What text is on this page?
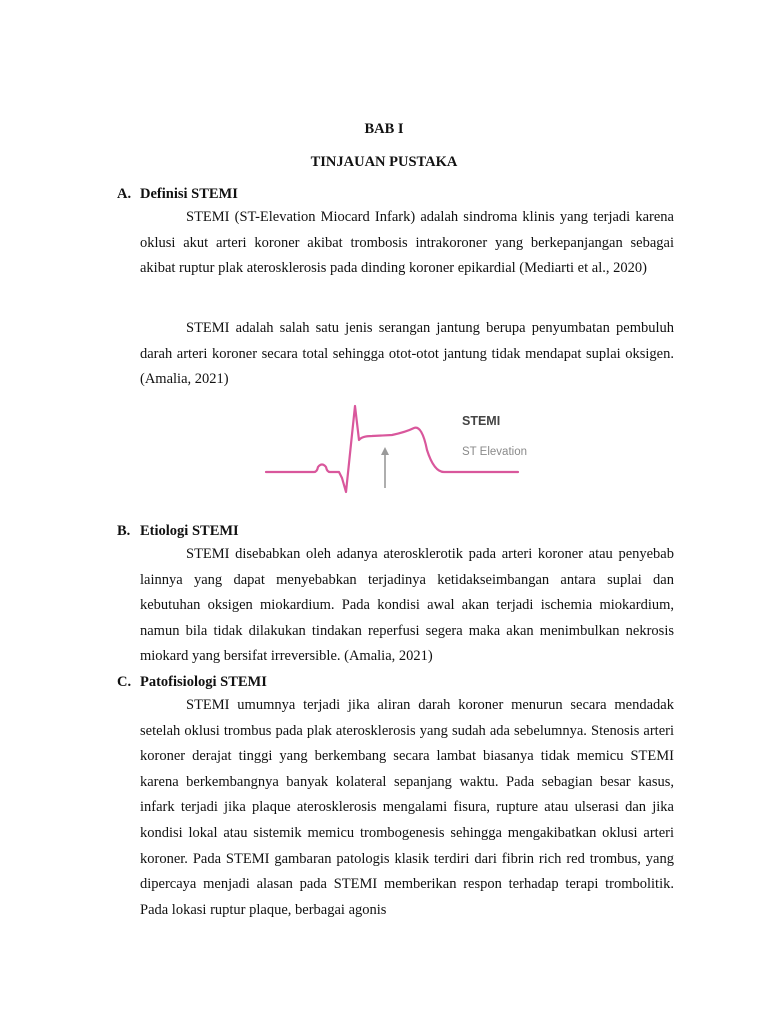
BAB I
TINJAUAN PUSTAKA
A. Definisi STEMI

STEMI (ST-Elevation Miocard Infark) adalah sindroma klinis yang terjadi karena oklusi akut arteri koroner akibat trombosis intrakoroner yang berkepanjangan sebagai akibat ruptur plak aterosklerosis pada dinding koroner epikardial (Mediarti et al., 2020)

STEMI adalah salah satu jenis serangan jantung berupa penyumbatan pembuluh darah arteri koroner secara total sehingga otot-otot jantung tidak mendapat suplai oksigen. (Amalia, 2021)

STEMI
ST Elevation
B. Etiologi STEMI

STEMI disebabkan oleh adanya aterosklerotik pada arteri koroner atau penyebab lainnya yang dapat menyebabkan terjadinya ketidakseimbangan antara suplai dan kebutuhan oksigen miokardium. Pada kondisi awal akan terjadi ischemia miokardium, namun bila tidak dilakukan tindakan reperfusi segera maka akan menimbulkan nekrosis miokard yang bersifat irreversible. (Amalia, 2021)

C. Patofisiologi STEMI

STEMI umumnya terjadi jika aliran darah koroner menurun secara mendadak setelah oklusi trombus pada plak aterosklerosis yang sudah ada sebelumnya. Stenosis arteri koroner derajat tinggi yang berkembang secara lambat biasanya tidak memicu STEMI karena berkembangnya banyak kolateral sepanjang waktu. Pada sebagian besar kasus, infark terjadi jika plaque aterosklerosis mengalami fisura, rupture atau ulserasi dan jika kondisi lokal atau sistemik memicu trombogenesis sehingga mengakibatkan oklusi arteri koroner. Pada STEMI gambaran patologis klasik terdiri dari fibrin rich red trombus, yang dipercaya menjadi alasan pada STEMI memberikan respon terhadap terapi trombolitik. Pada lokasi ruptur plaque, berbagai agonis
